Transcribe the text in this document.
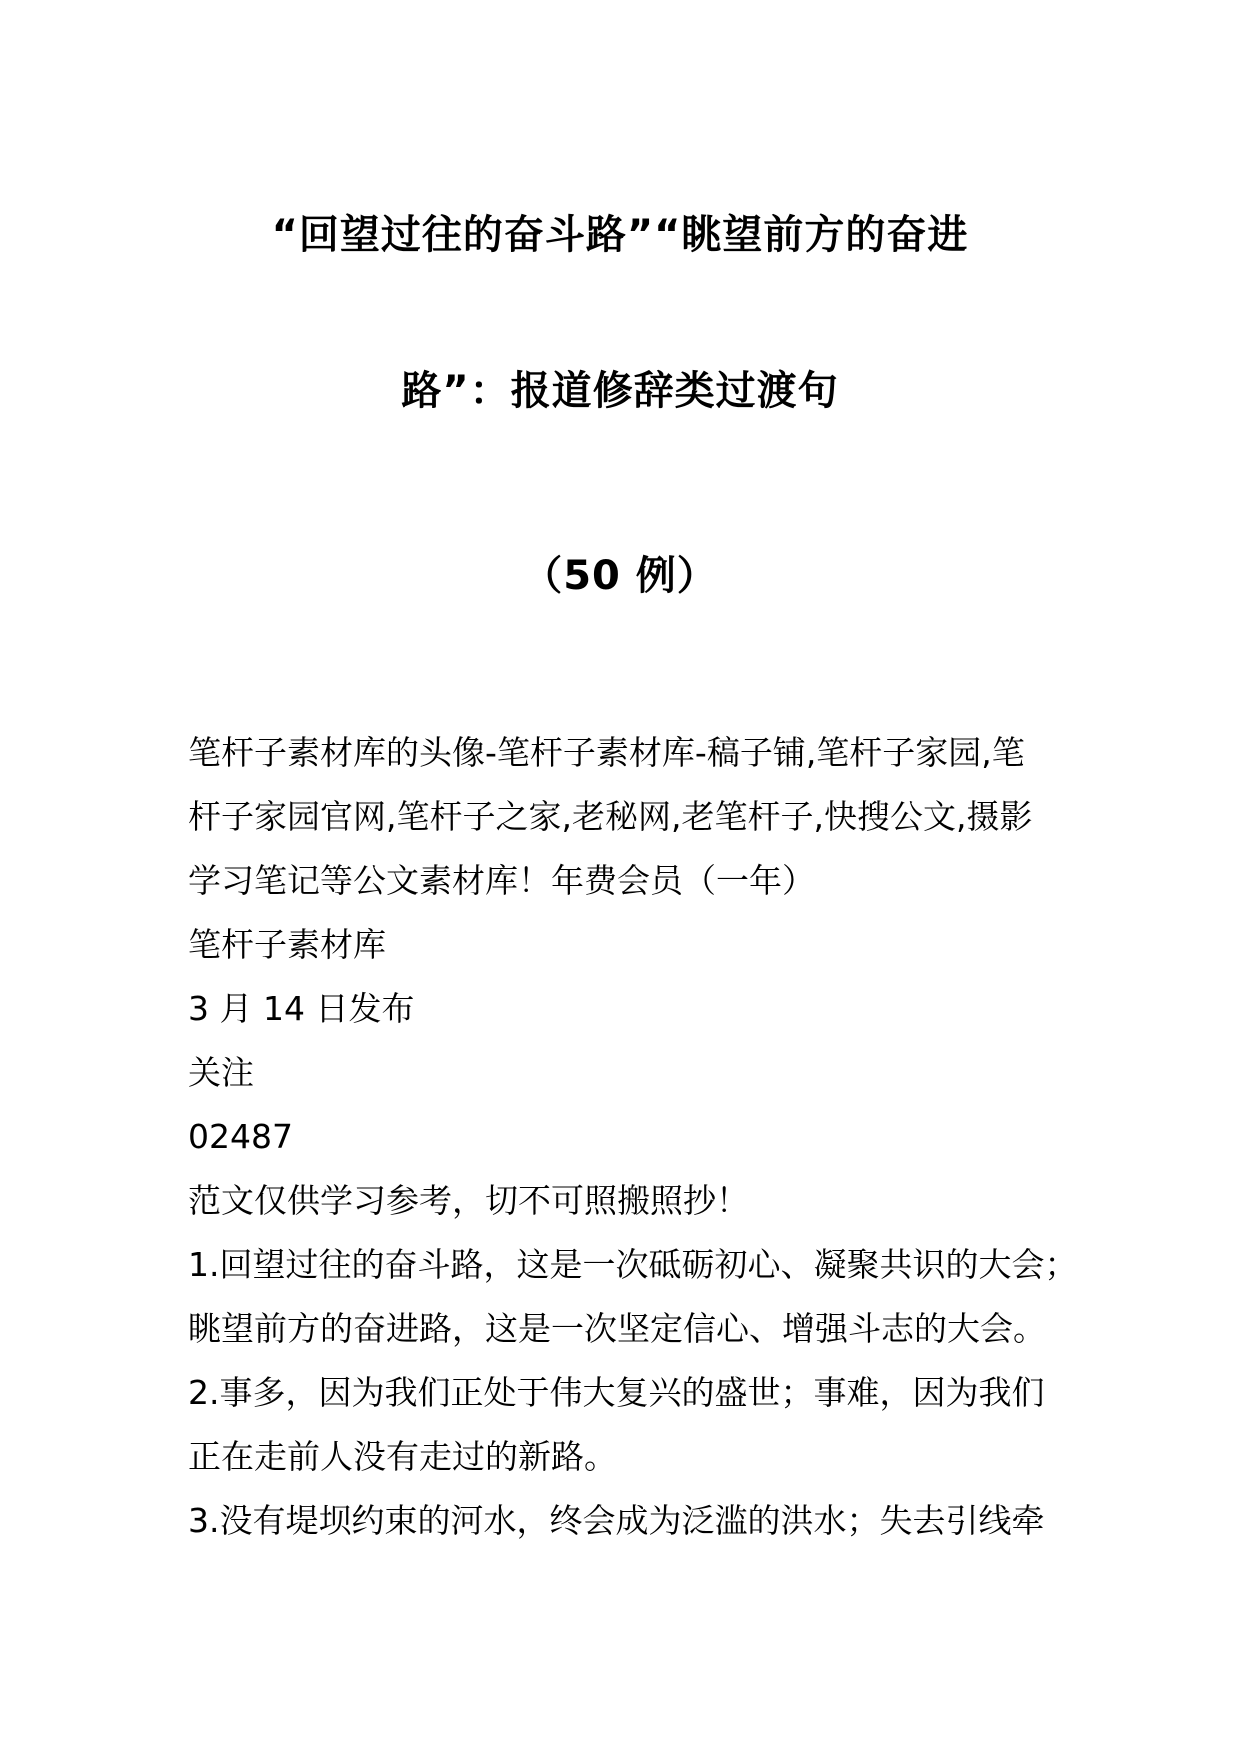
“回望过往的奋斗路”“眺望前方的奋进
路”：报道修辞类过渡句
（50 例）
笔杆子素材库的头像-笔杆子素材库-稿子铺,笔杆子家园,笔
杆子家园官网,笔杆子之家,老秘网,老笔杆子,快搜公文,摄影
学习笔记等公文素材库！年费会员（一年）
笔杆子素材库
3 月 14 日发布
关注
02487
范文仅供学习参考，切不可照搬照抄！
1.回望过往的奋斗路，这是一次砥砺初心、凝聚共识的大会；
眺望前方的奋进路，这是一次坚定信心、增强斗志的大会。
2.事多，因为我们正处于伟大复兴的盛世；事难，因为我们
正在走前人没有走过的新路。
3.没有堤坝约束的河水，终会成为泛滥的洪水；失去引线牵
